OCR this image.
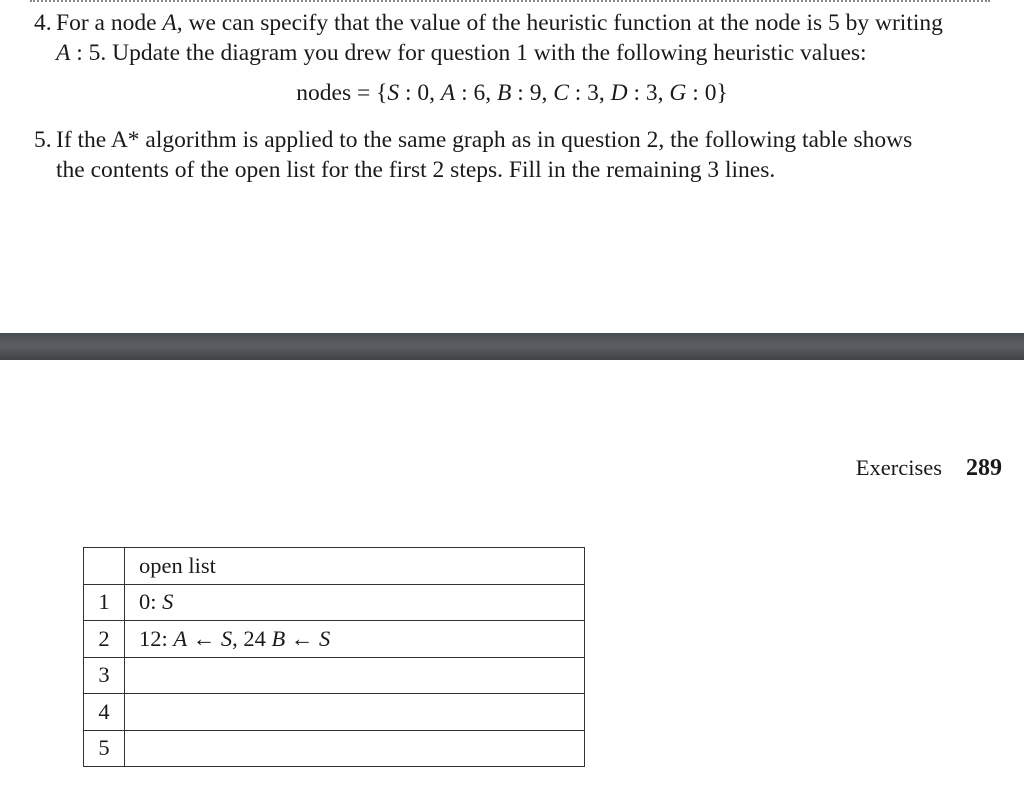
4. For a node A, we can specify that the value of the heuristic function at the node is 5 by writing
A : 5. Update the diagram you drew for question 1 with the following heuristic values:
nodes = {S : 0, A : 6, B : 9, C : 3, D : 3, G : 0}
5. If the A* algorithm is applied to the same graph as in question 2, the following table shows
the contents of the open list for the first 2 steps. Fill in the remaining 3 lines.
Exercises 289
	open list
1	0: S
2	12: A ← S, 24 B ← S
3	
4	
5	
